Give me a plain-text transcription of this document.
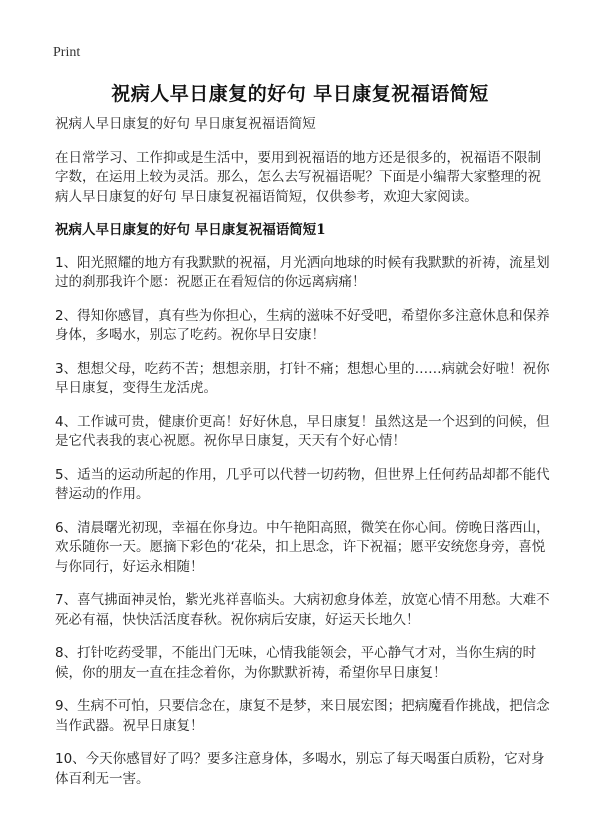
Print
祝病人早日康复的好句 早日康复祝福语简短

祝病人早日康复的好句 早日康复祝福语简短

在日常学习、工作抑或是生活中，要用到祝福语的地方还是很多的，祝福语不限制字数，在运用上较为灵活。那么，怎么去写祝福语呢？下面是小编帮大家整理的祝病人早日康复的好句 早日康复祝福语简短，仅供参考，欢迎大家阅读。

祝病人早日康复的好句 早日康复祝福语简短1

1、阳光照耀的地方有我默默的祝福，月光洒向地球的时候有我默默的祈祷，流星划过的刹那我许个愿：祝愿正在看短信的你远离病痛！

2、得知你感冒，真有些为你担心，生病的滋味不好受吧，希望你多注意休息和保养身体，多喝水，别忘了吃药。祝你早日安康！

3、想想父母，吃药不苦；想想亲朋，打针不痛；想想心里的……病就会好啦！祝你早日康复，变得生龙活虎。

4、工作诚可贵，健康价更高！好好休息，早日康复！虽然这是一个迟到的问候，但是它代表我的衷心祝愿。祝你早日康复，天天有个好心情！

5、适当的运动所起的作用，几乎可以代替一切药物，但世界上任何药品却都不能代替运动的作用。

6、清晨曙光初现，幸福在你身边。中午艳阳高照，微笑在你心间。傍晚日落西山，欢乐随你一天。愿摘下彩色的‘花朵，扣上思念，许下祝福；愿平安统您身旁，喜悦与你同行，好运永相随！

7、喜气拂面神灵怡，紫光兆祥喜临头。大病初愈身体差，放宽心情不用愁。大难不死必有福，快快活活度春秋。祝你病后安康，好运天长地久！

8、打针吃药受罪，不能出门无味，心情我能领会，平心静气才对，当你生病的时候，你的朋友一直在挂念着你，为你默默祈祷，希望你早日康复！

9、生病不可怕，只要信念在，康复不是梦，来日展宏图；把病魔看作挑战，把信念当作武器。祝早日康复！

10、今天你感冒好了吗？要多注意身体，多喝水，别忘了每天喝蛋白质粉，它对身体百利无一害。
